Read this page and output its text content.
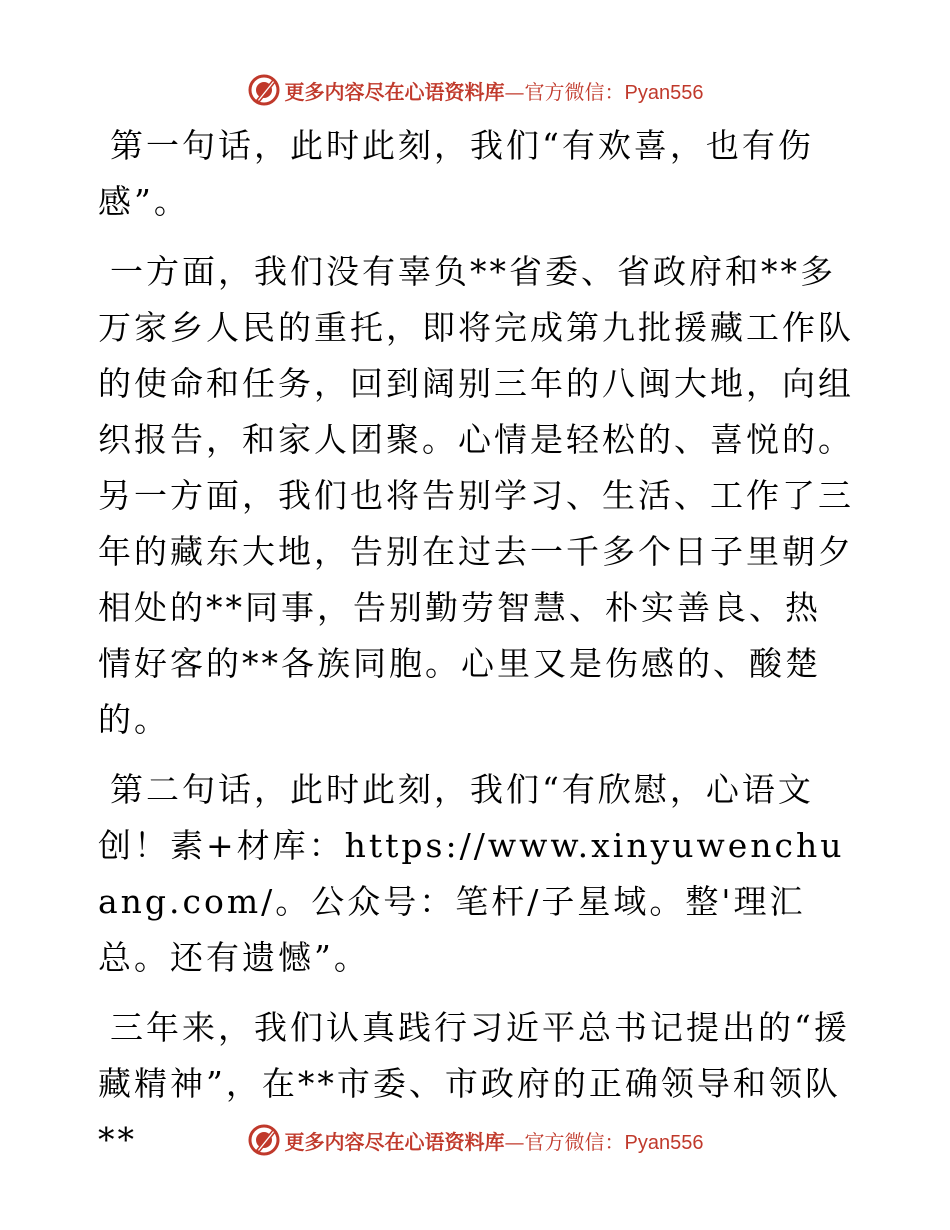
更多内容尽在心语资料库—官方微信：Pyan556

第一句话，此时此刻，我们“有欢喜，也有伤感”。

一方面，我们没有辜负**省委、省政府和**多万家乡人民的重托，即将完成第九批援藏工作队的使命和任务，回到阔别三年的八闽大地，向组织报告，和家人团聚。心情是轻松的、喜悦的。另一方面，我们也将告别学习、生活、工作了三年的藏东大地，告别在过去一千多个日子里朝夕相处的**同事，告别勤劳智慧、朴实善良、热情好客的**各族同胞。心里又是伤感的、酸楚的。

第二句话，此时此刻，我们“有欣慰，心语文创！素+材库：https://www.xinyuwenchuang.com/。公众号：笔杆/子星域。整'理汇总。还有遗憾”。

三年来，我们认真践行习近平总书记提出的“援藏精神”，在**市委、市政府的正确领导和领队**	更多内容尽在心语资料库—官方微信：Pyan556
